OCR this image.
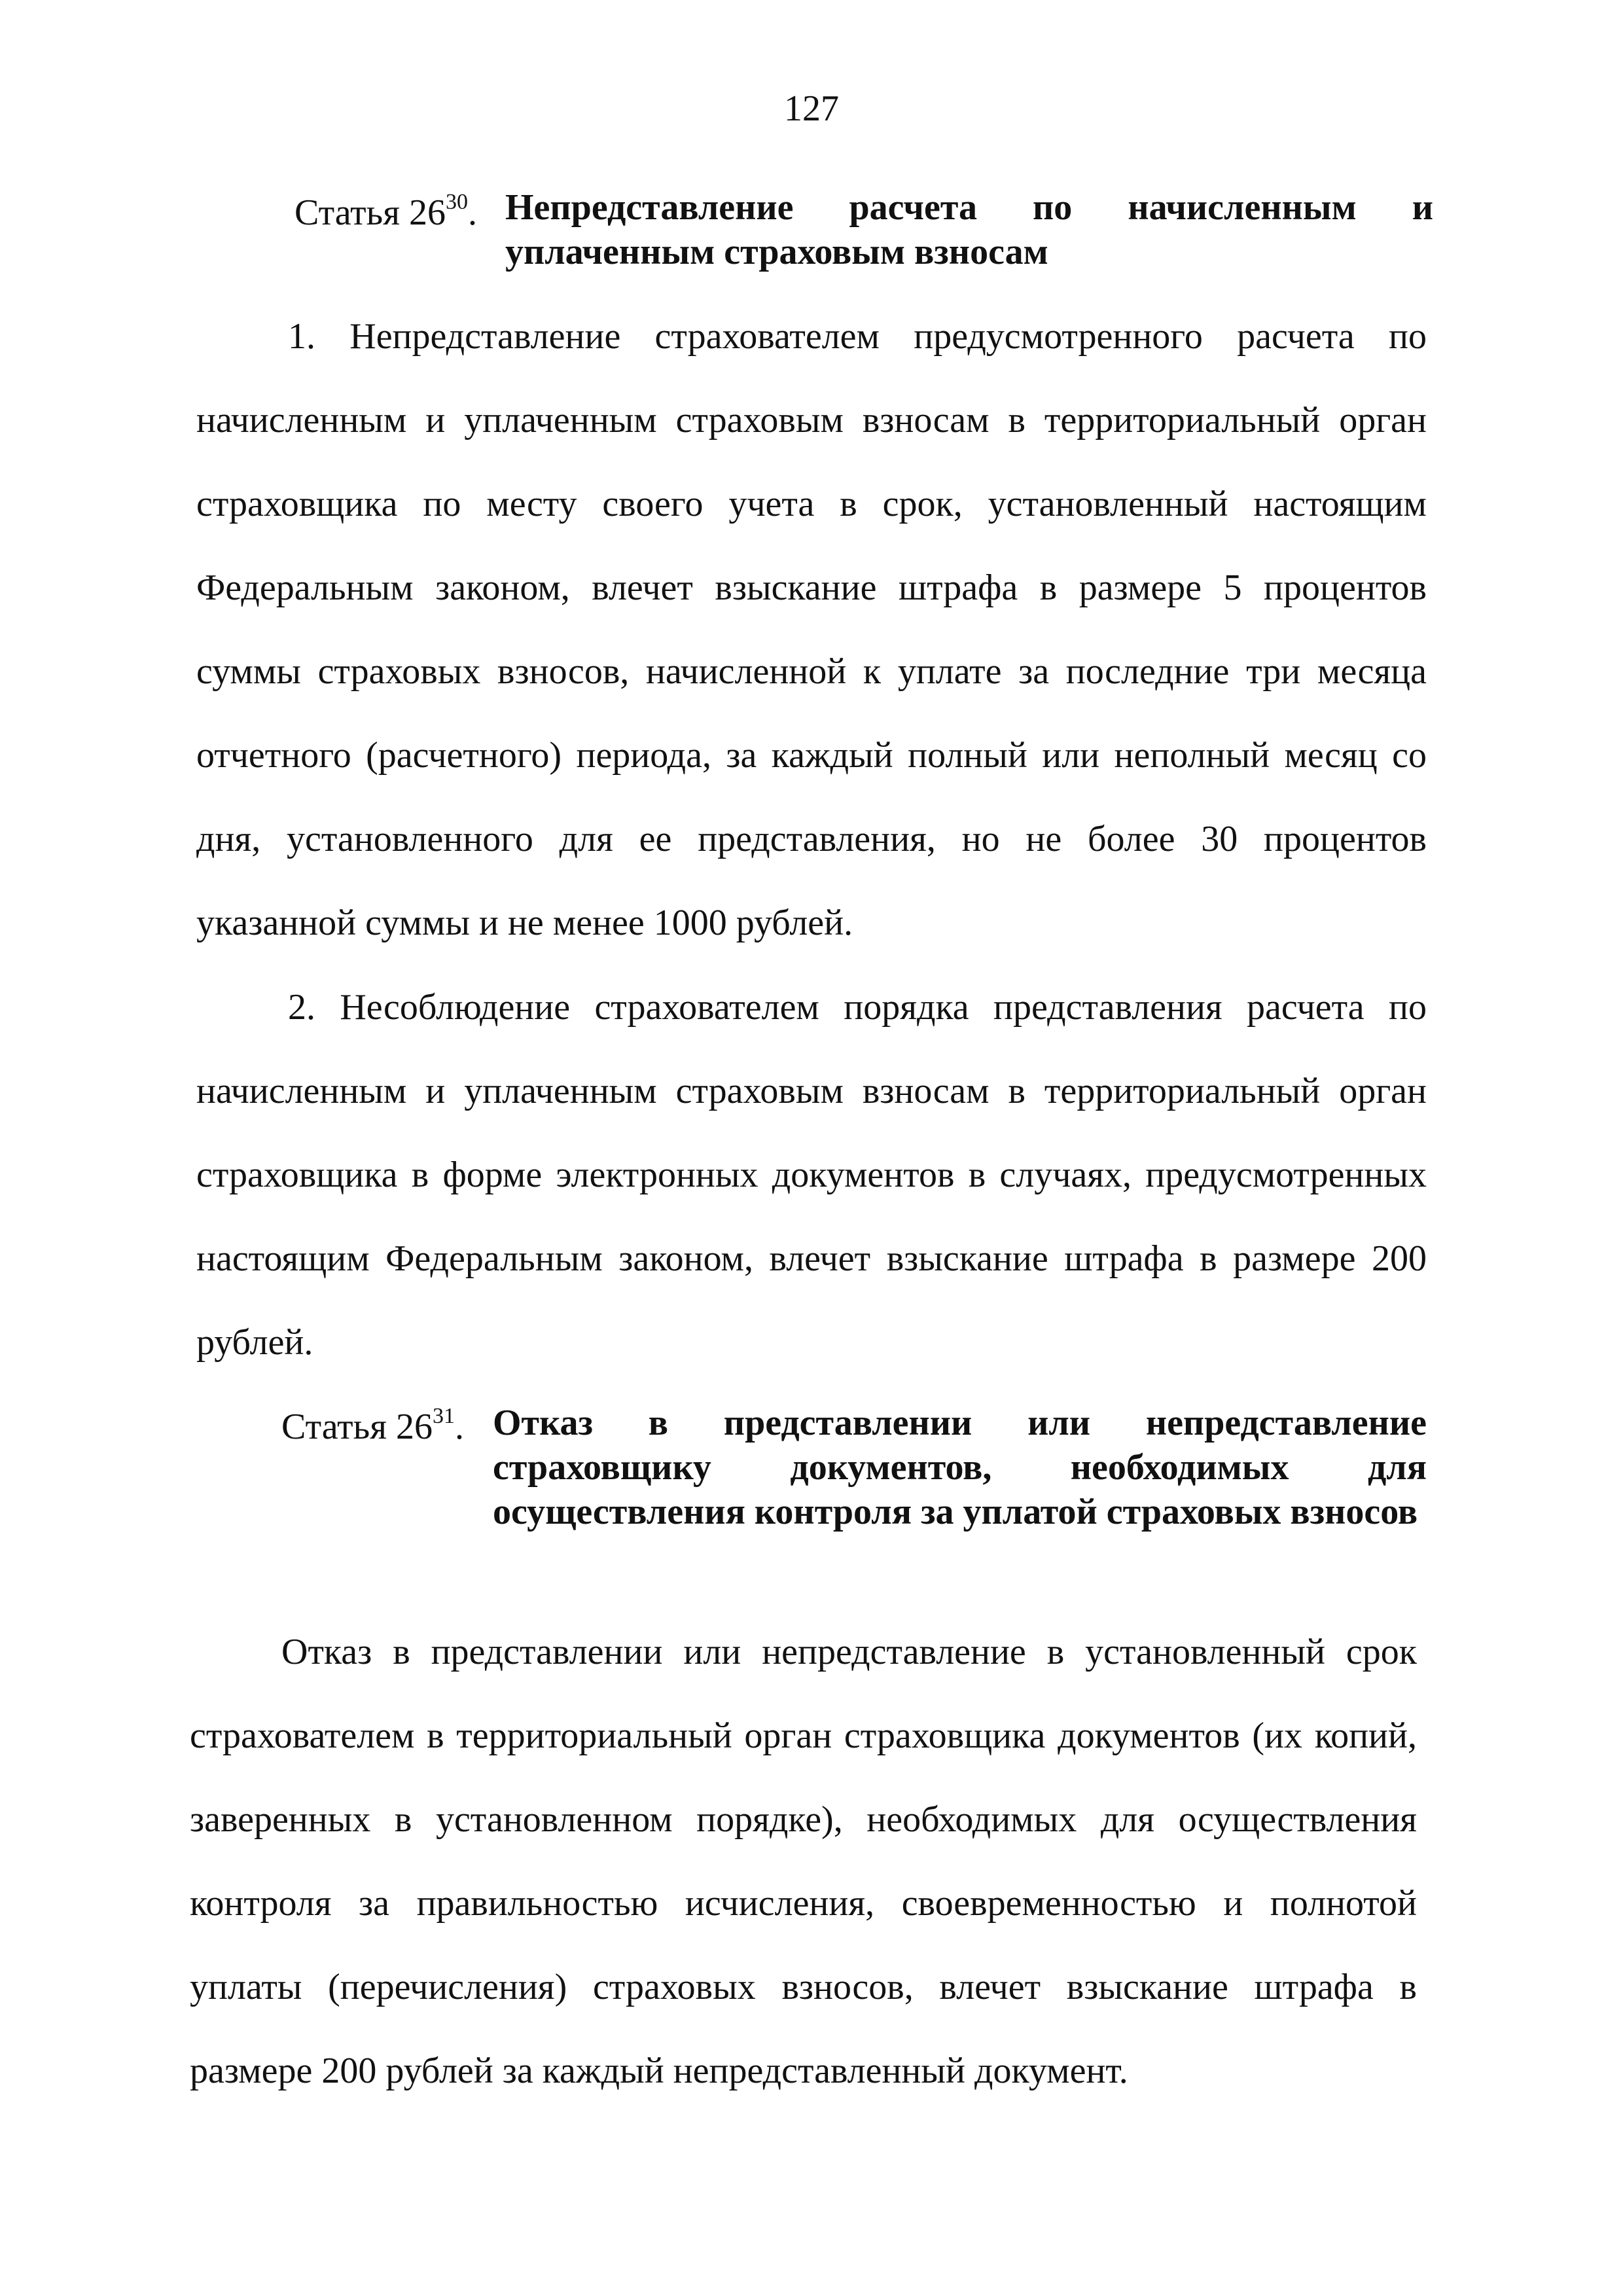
127
Статья $26^{30}$. Непредставление расчета по начисленным и уплаченным страховым взносам

1. Непредставление страхователем предусмотренного расчета по начисленным и уплаченным страховым взносам в территориальный орган страховщика по месту своего учета в срок, установленный настоящим Федеральным законом, влечет взыскание штрафа в размере 5 процентов суммы страховых взносов, начисленной к уплате за последние три месяца отчетного (расчетного) периода, за каждый полный или неполный месяц со дня, установленного для ее представления, но не более 30 процентов указанной суммы и не менее 1000 рублей.

2. Несоблюдение страхователем порядка представления расчета по начисленным и уплаченным страховым взносам в территориальный орган страховщика в форме электронных документов в случаях, предусмотренных настоящим Федеральным законом, влечет взыскание штрафа в размере 200 рублей.

Статья $26^{31}$. Отказ в представлении или непредставление страховщику документов, необходимых для осуществления контроля за уплатой страховых взносов

Отказ в представлении или непредставление в установленный срок страхователем в территориальный орган страховщика документов (их копий, заверенных в установленном порядке), необходимых для осуществления контроля за правильностью исчисления, своевременностью и полнотой уплаты (перечисления) страховых взносов, влечет взыскание штрафа в размере 200 рублей за каждый непредставленный документ.
